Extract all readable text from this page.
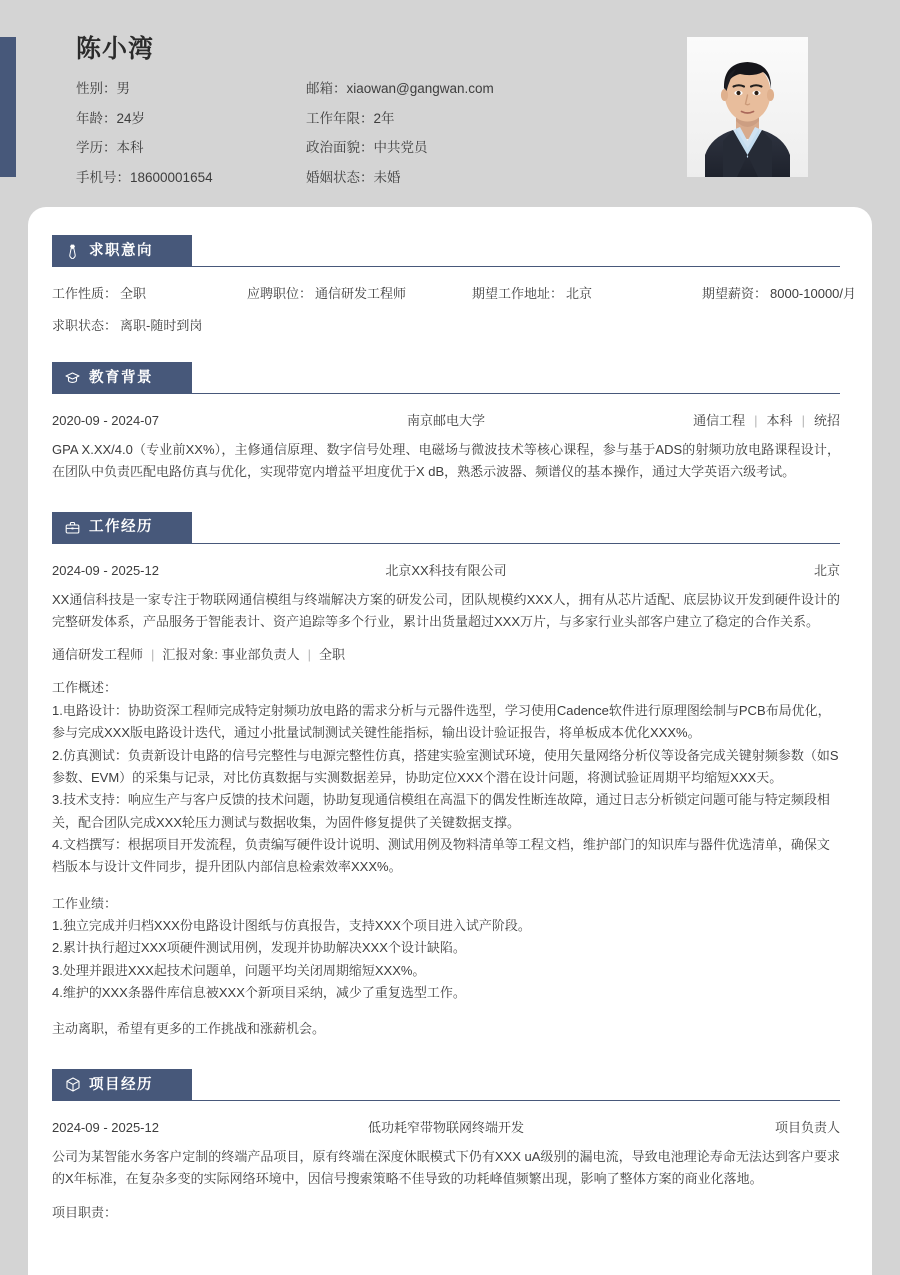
陈小湾
性别：男	邮箱：xiaowan@gangwan.com
年龄：24岁	工作年限：2年
学历：本科	政治面貌：中共党员
手机号：18600001654	婚姻状态：未婚
求职意向
工作性质： 全职	应聘职位： 通信研发工程师	期望工作地址： 北京	期望薪资： 8000-10000/月
求职状态： 离职-随时到岗
教育背景
2020-09 - 2024-07	南京邮电大学	通信工程 | 本科 | 统招
GPA X.XX/4.0（专业前XX%），主修通信原理、数字信号处理、电磁场与微波技术等核心课程，参与基于ADS的射频功放电路课程设计，在团队中负责匹配电路仿真与优化，实现带宽内增益平坦度优于X dB，熟悉示波器、频谱仪的基本操作，通过大学英语六级考试。
工作经历
2024-09 - 2025-12	北京XX科技有限公司	北京
XX通信科技是一家专注于物联网通信模组与终端解决方案的研发公司，团队规模约XXX人，拥有从芯片适配、底层协议开发到硬件设计的完整研发体系，产品服务于智能表计、资产追踪等多个行业，累计出货量超过XXX万片，与多家行业头部客户建立了稳定的合作关系。
通信研发工程师 | 汇报对象: 事业部负责人 | 全职
工作概述：
1.电路设计：协助资深工程师完成特定射频功放电路的需求分析与元器件选型，学习使用Cadence软件进行原理图绘制与PCB布局优化，参与完成XXX版电路设计迭代，通过小批量试制测试关键性能指标，输出设计验证报告，将单板成本优化XXX%。
2.仿真测试：负责新设计电路的信号完整性与电源完整性仿真，搭建实验室测试环境，使用矢量网络分析仪等设备完成关键射频参数（如S参数、EVM）的采集与记录，对比仿真数据与实测数据差异，协助定位XXX个潜在设计问题，将测试验证周期平均缩短XXX天。
3.技术支持：响应生产与客户反馈的技术问题，协助复现通信模组在高温下的偶发性断连故障，通过日志分析锁定问题可能与特定频段相关，配合团队完成XXX轮压力测试与数据收集，为固件修复提供了关键数据支撑。
4.文档撰写：根据项目开发流程，负责编写硬件设计说明、测试用例及物料清单等工程文档，维护部门的知识库与器件优选清单，确保文档版本与设计文件同步，提升团队内部信息检索效率XXX%。
工作业绩：
1.独立完成并归档XXX份电路设计图纸与仿真报告，支持XXX个项目进入试产阶段。
2.累计执行超过XXX项硬件测试用例，发现并协助解决XXX个设计缺陷。
3.处理并跟进XXX起技术问题单，问题平均关闭周期缩短XXX%。
4.维护的XXX条器件库信息被XXX个新项目采纳，减少了重复选型工作。
主动离职，希望有更多的工作挑战和涨薪机会。
项目经历
2024-09 - 2025-12	低功耗窄带物联网终端开发	项目负责人
公司为某智能水务客户定制的终端产品项目，原有终端在深度休眠模式下仍有XXX uA级别的漏电流，导致电池理论寿命无法达到客户要求的X年标准，在复杂多变的实际网络环境中，因信号搜索策略不佳导致的功耗峰值频繁出现，影响了整体方案的商业化落地。
项目职责：
